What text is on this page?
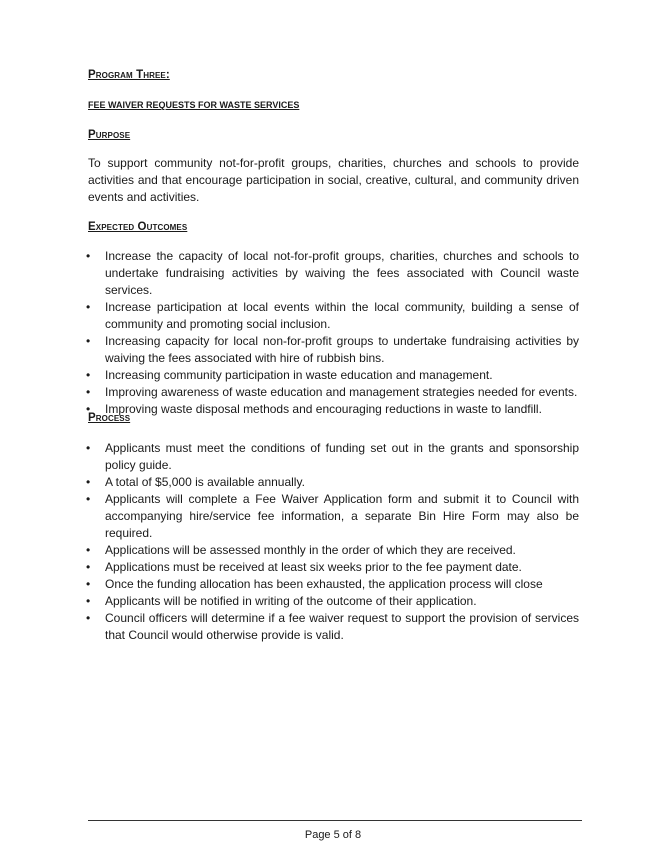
Program Three:
FEE WAIVER REQUESTS FOR WASTE SERVICES
Purpose

To support community not-for-profit groups, charities, churches and schools to provide activities and that encourage participation in social, creative, cultural, and community driven events and activities.

Expected Outcomes
• Increase the capacity of local not-for-profit groups, charities, churches and schools to undertake fundraising activities by waiving the fees associated with Council waste services.
• Increase participation at local events within the local community, building a sense of community and promoting social inclusion.
• Increasing capacity for local non-for-profit groups to undertake fundraising activities by waiving the fees associated with hire of rubbish bins.
• Increasing community participation in waste education and management.
• Improving awareness of waste education and management strategies needed for events.
• Improving waste disposal methods and encouraging reductions in waste to landfill.
Process
• Applicants must meet the conditions of funding set out in the grants and sponsorship policy guide.
• A total of $5,000 is available annually.
• Applicants will complete a Fee Waiver Application form and submit it to Council with accompanying hire/service fee information, a separate Bin Hire Form may also be required.
• Applications will be assessed monthly in the order of which they are received.
• Applications must be received at least six weeks prior to the fee payment date.
• Once the funding allocation has been exhausted, the application process will close
• Applicants will be notified in writing of the outcome of their application.
• Council officers will determine if a fee waiver request to support the provision of services that Council would otherwise provide is valid.
Page 5 of 8
